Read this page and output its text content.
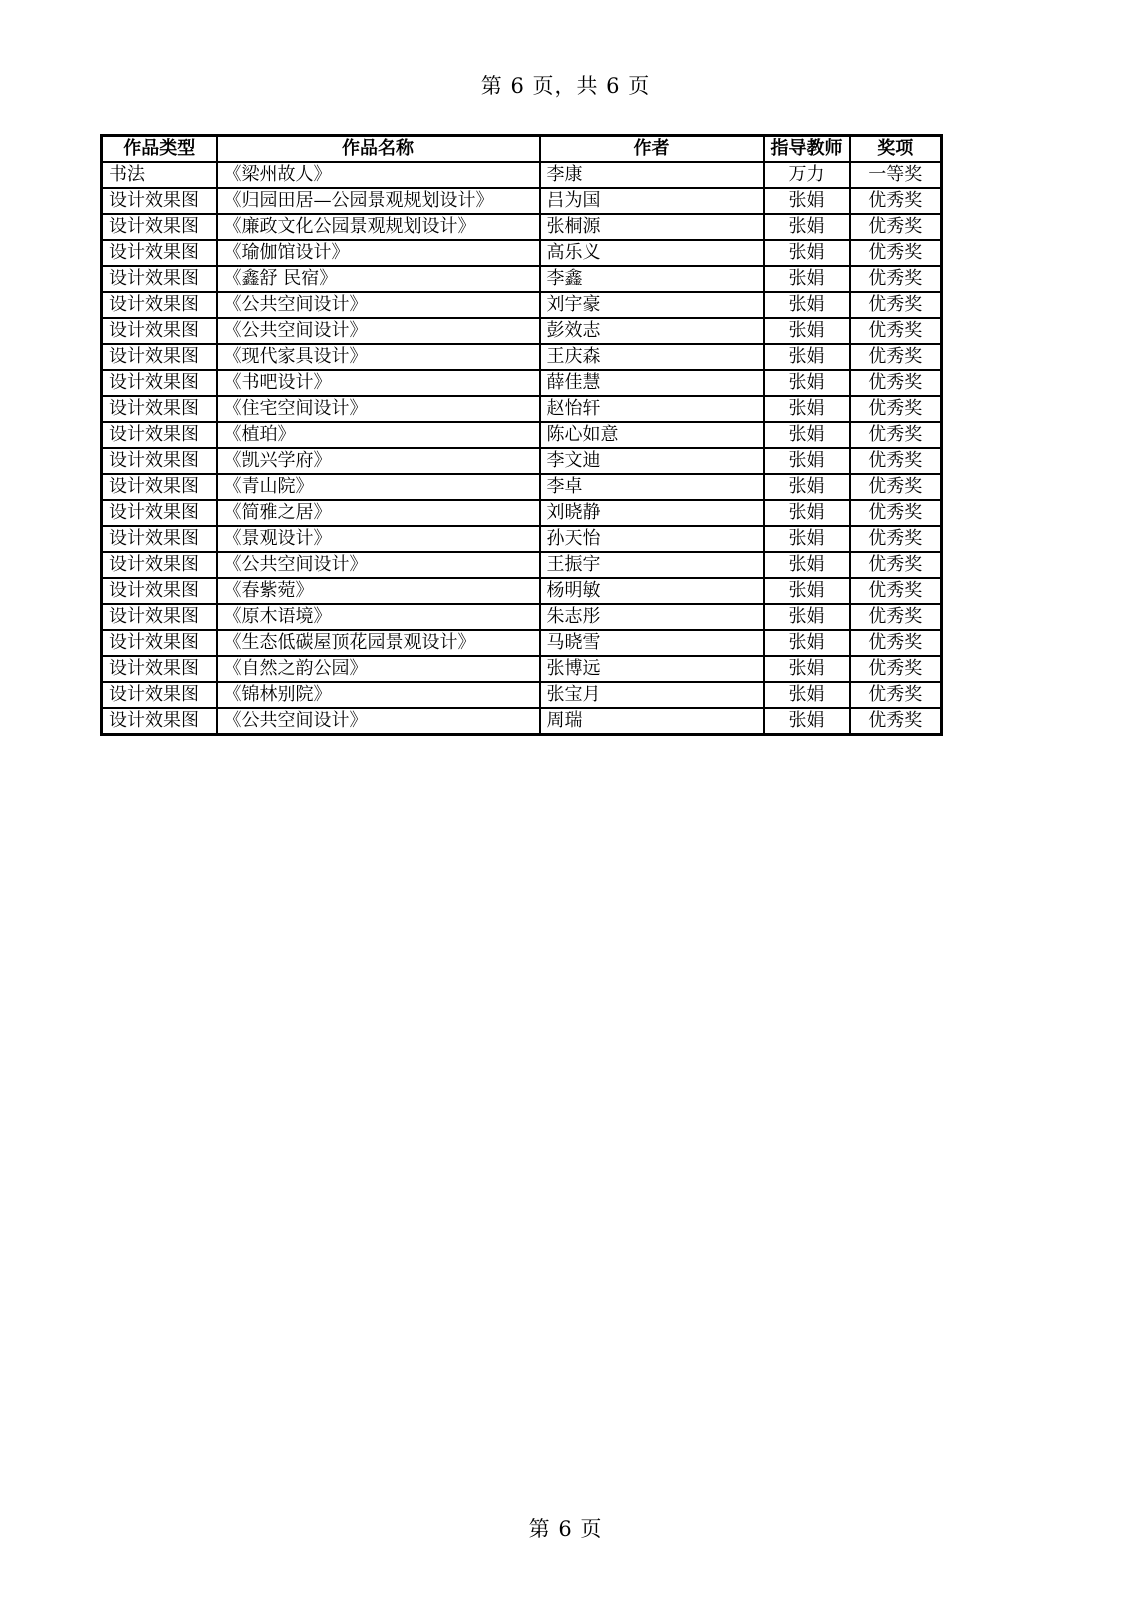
第 6 页，共 6 页
作品类型	作品名称	作者	指导教师	奖项
书法	《梁州故人》	李康	万力	一等奖
设计效果图	《归园田居—公园景观规划设计》	吕为国	张娟	优秀奖
设计效果图	《廉政文化公园景观规划设计》	张桐源	张娟	优秀奖
设计效果图	《瑜伽馆设计》	高乐义	张娟	优秀奖
设计效果图	《鑫舒 民宿》	李鑫	张娟	优秀奖
设计效果图	《公共空间设计》	刘宇豪	张娟	优秀奖
设计效果图	《公共空间设计》	彭效志	张娟	优秀奖
设计效果图	《现代家具设计》	王庆森	张娟	优秀奖
设计效果图	《书吧设计》	薛佳慧	张娟	优秀奖
设计效果图	《住宅空间设计》	赵怡轩	张娟	优秀奖
设计效果图	《植珀》	陈心如意	张娟	优秀奖
设计效果图	《凯兴学府》	李文迪	张娟	优秀奖
设计效果图	《青山院》	李卓	张娟	优秀奖
设计效果图	《简雅之居》	刘晓静	张娟	优秀奖
设计效果图	《景观设计》	孙天怡	张娟	优秀奖
设计效果图	《公共空间设计》	王振宇	张娟	优秀奖
设计效果图	《春紫菀》	杨明敏	张娟	优秀奖
设计效果图	《原木语境》	朱志彤	张娟	优秀奖
设计效果图	《生态低碳屋顶花园景观设计》	马晓雪	张娟	优秀奖
设计效果图	《自然之韵公园》	张博远	张娟	优秀奖
设计效果图	《锦林别院》	张宝月	张娟	优秀奖
设计效果图	《公共空间设计》	周瑞	张娟	优秀奖
第 6 页
